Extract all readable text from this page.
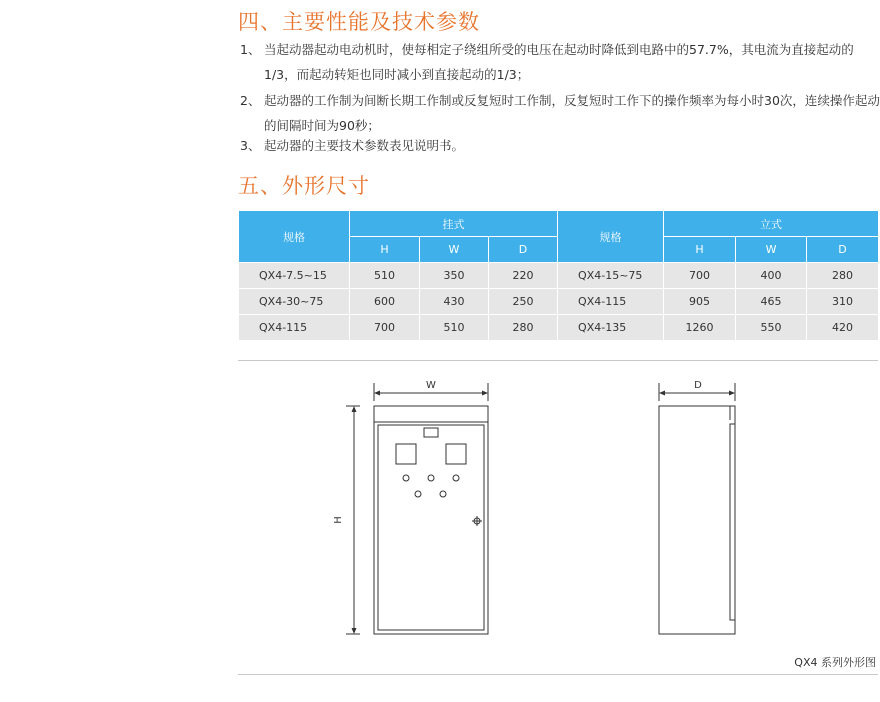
四、主要性能及技术参数

1、 当起动器起动电动机时，使每相定子绕组所受的电压在起动时降低到电路中的57.7%，其电流为直接起动的1/3，而起动转矩也同时减小到直接起动的1/3；

2、 起动器的工作制为间断长期工作制或反复短时工作制，反复短时工作下的操作频率为每小时30次，连续操作起动的间隔时间为90秒；

3、 起动器的主要技术参数表见说明书。

五、外形尺寸
规格	挂式			规格	立式		
	H	W	D		H	W	D
QX4-7.5~15	510	350	220	QX4-15~75	700	400	280
QX4-30~75	600	430	250	QX4-115	905	465	310
QX4-115	700	510	280	QX4-135	1260	550	420
W	D
H
QX4 系列外形图
